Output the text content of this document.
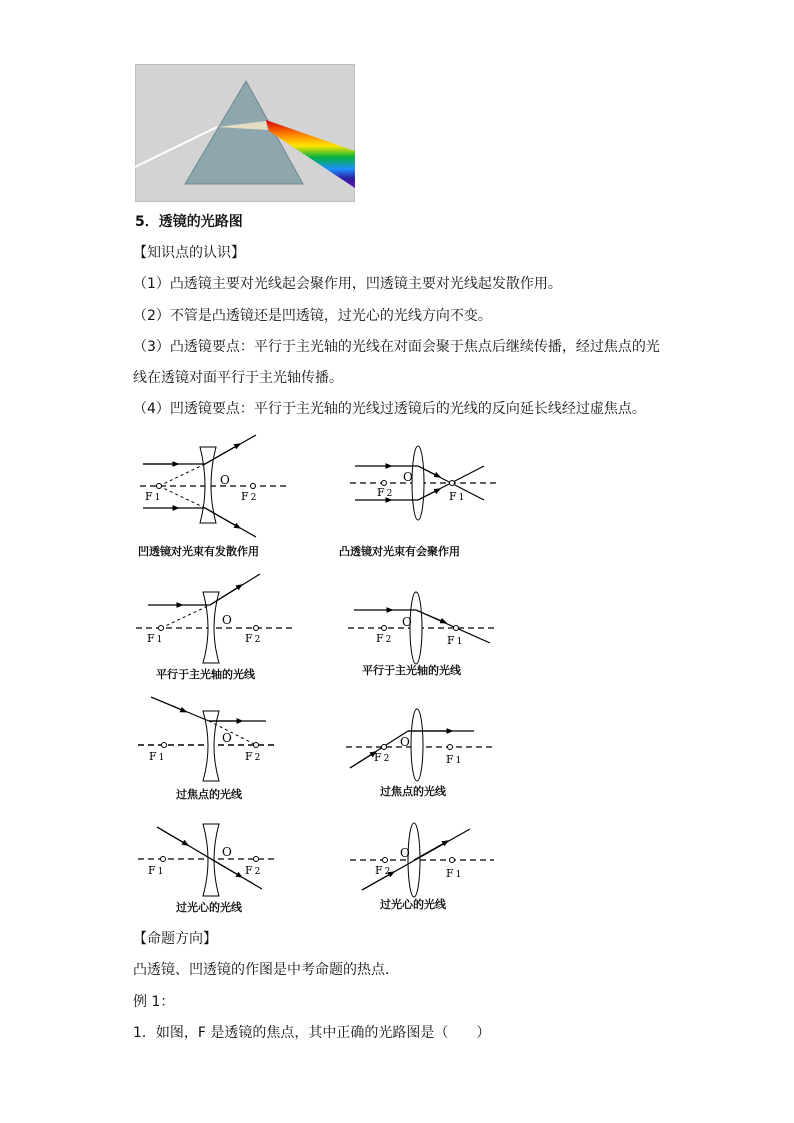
5．透镜的光路图
【知识点的认识】
（1）凸透镜主要对光线起会聚作用，凹透镜主要对光线起发散作用。
（2）不管是凸透镜还是凹透镜，过光心的光线方向不变。
（3）凸透镜要点：平行于主光轴的光线在对面会聚于焦点后继续传播，经过焦点的光
线在透镜对面平行于主光轴传播。
（4）凹透镜要点：平行于主光轴的光线过透镜后的光线的反向延长线经过虚焦点。
F 1	F 2
O
F 2	F 1
O
F 1	F 2
O
F 2	F 1
O
F 1	F 2
O
F 2	F 1
O
F 1	F 2
O
F 2	F 1
O
凹透镜对光束有发散作用	凸透镜对光束有会聚作用
平行于主光轴的光线	平行于主光轴的光线
过焦点的光线	过焦点的光线
过光心的光线	过光心的光线
【命题方向】
凸透镜、凹透镜的作图是中考命题的热点．
例 1：
1．如图，F 是透镜的焦点，其中正确的光路图是（　　）
